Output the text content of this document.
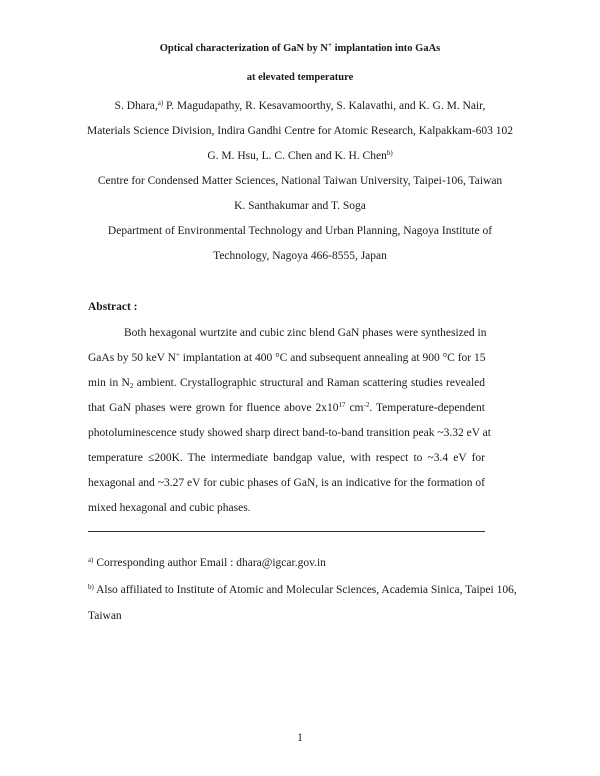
Optical characterization of GaN by N+ implantation into GaAs
at elevated temperature
S. Dhara,$^{a)}$ P. Magudapathy, R. Kesavamoorthy, S. Kalavathi, and K. G. M. Nair,
Materials Science Division, Indira Gandhi Centre for Atomic Research, Kalpakkam-603 102
G. M. Hsu, L. C. Chen and K. H. Chen$^{b)}$
Centre for Condensed Matter Sciences, National Taiwan University, Taipei-106, Taiwan
K. Santhakumar and T. Soga
Department of Environmental Technology and Urban Planning, Nagoya Institute of
Technology, Nagoya 466-8555, Japan
Abstract :
Both hexagonal wurtzite and cubic zinc blend GaN phases were synthesized in
GaAs by 50 keV N+ implantation at 400 °C and subsequent annealing at 900 °C for 15
min in $N_2$ ambient. Crystallographic structural and Raman scattering studies revealed
that GaN phases were grown for fluence above $2x10^{17}$ $cm^{-2}$. Temperature-dependent
photoluminescence study showed sharp direct band-to-band transition peak ~3.32 eV at
temperature ≤200K. The intermediate bandgap value, with respect to ~3.4 eV for
hexagonal and ~3.27 eV for cubic phases of GaN, is an indicative for the formation of
mixed hexagonal and cubic phases.
$^{a)}$ Corresponding author Email : dhara@igcar.gov.in
$^{b)}$ Also affiliated to Institute of Atomic and Molecular Sciences, Academia Sinica, Taipei 106,
Taiwan
1
